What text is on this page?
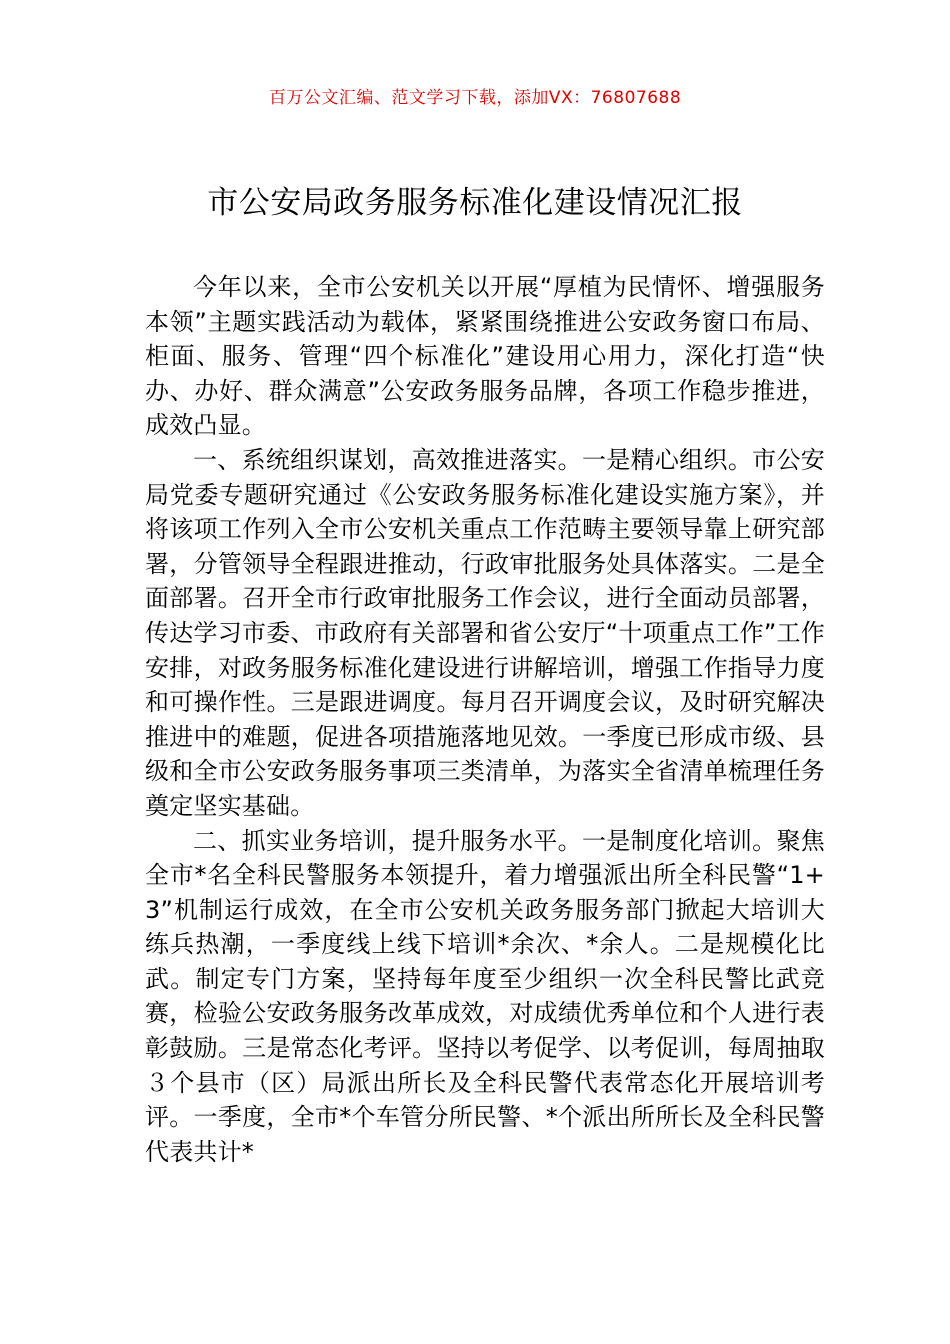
百万公文汇编、范文学习下载，添加VX：76807688
市公安局政务服务标准化建设情况汇报

今年以来，全市公安机关以开展“厚植为民情怀、增强服务本领”主题实践活动为载体，紧紧围绕推进公安政务窗口布局、柜面、服务、管理“四个标准化”建设用心用力，深化打造“快办、办好、群众满意”公安政务服务品牌，各项工作稳步推进，成效凸显。

一、系统组织谋划，高效推进落实。一是精心组织。市公安局党委专题研究通过《公安政务服务标准化建设实施方案》，并将该项工作列入全市公安机关重点工作范畴主要领导靠上研究部署，分管领导全程跟进推动，行政审批服务处具体落实。二是全面部署。召开全市行政审批服务工作会议，进行全面动员部署，传达学习市委、市政府有关部署和省公安厅“十项重点工作”工作安排，对政务服务标准化建设进行讲解培训，增强工作指导力度和可操作性。三是跟进调度。每月召开调度会议，及时研究解决推进中的难题，促进各项措施落地见效。一季度已形成市级、县级和全市公安政务服务事项三类清单，为落实全省清单梳理任务奠定坚实基础。

二、抓实业务培训，提升服务水平。一是制度化培训。聚焦全市*名全科民警服务本领提升，着力增强派出所全科民警“1+3”机制运行成效，在全市公安机关政务服务部门掀起大培训大练兵热潮，一季度线上线下培训*余次、*余人。二是规模化比武。制定专门方案，坚持每年度至少组织一次全科民警比武竞赛，检验公安政务服务改革成效，对成绩优秀单位和个人进行表彰鼓励。三是常态化考评。坚持以考促学、以考促训，每周抽取３个县市（区）局派出所长及全科民警代表常态化开展培训考评。一季度，全市*个车管分所民警、*个派出所所长及全科民警代表共计*
